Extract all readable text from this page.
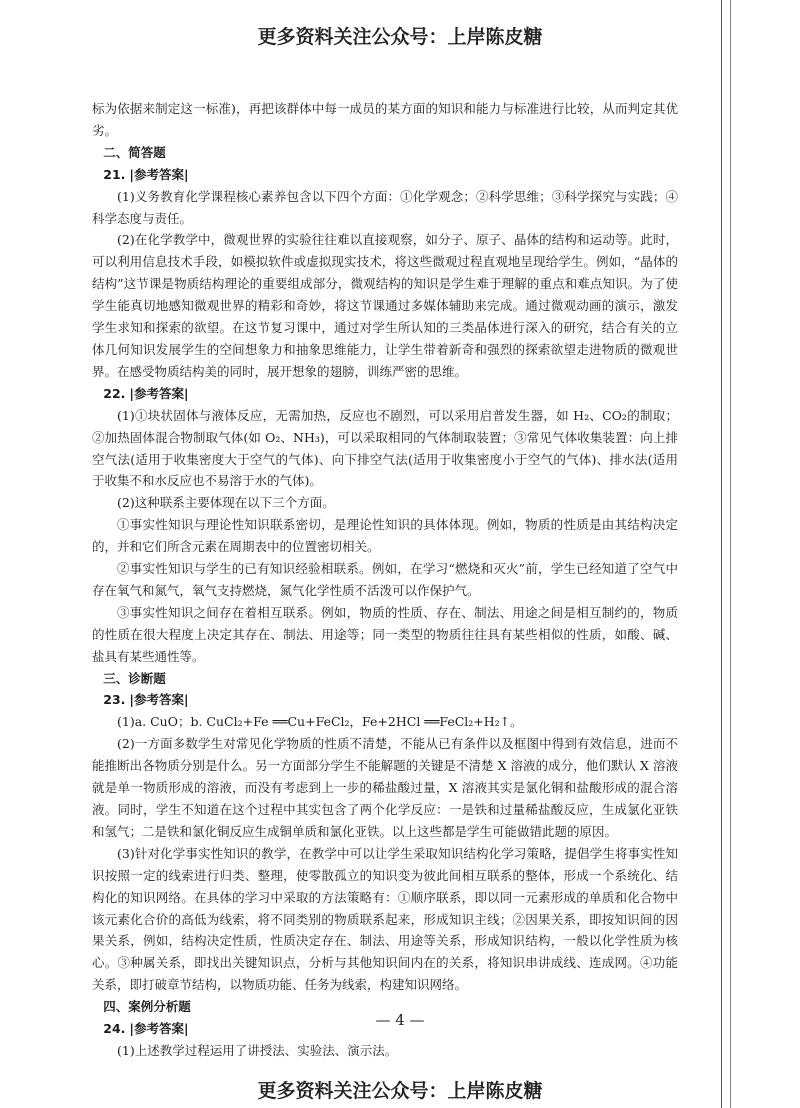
更多资料关注公众号：上岸陈皮糖

标为依据来制定这一标准)，再把该群体中每一成员的某方面的知识和能力与标准进行比较，从而判定其优劣。

二、简答题

21. |参考答案|

(1)义务教育化学课程核心素养包含以下四个方面：①化学观念；②科学思维；③科学探究与实践；④科学态度与责任。

(2)在化学教学中，微观世界的实验往往难以直接观察，如分子、原子、晶体的结构和运动等。此时，可以利用信息技术手段，如模拟软件或虚拟现实技术，将这些微观过程直观地呈现给学生。例如，“晶体的结构”这节课是物质结构理论的重要组成部分，微观结构的知识是学生难于理解的重点和难点知识。为了使学生能真切地感知微观世界的精彩和奇妙，将这节课通过多媒体辅助来完成。通过微观动画的演示，激发学生求知和探索的欲望。在这节复习课中，通过对学生所认知的三类晶体进行深入的研究，结合有关的立体几何知识发展学生的空间想象力和抽象思维能力，让学生带着新奇和强烈的探索欲望走进物质的微观世界。在感受物质结构美的同时，展开想象的翅膀，训练严密的思维。

22. |参考答案|

(1)①块状固体与液体反应，无需加热，反应也不剧烈，可以采用启普发生器，如 H₂、CO₂的制取；②加热固体混合物制取气体(如 O₂、NH₃)，可以采取相同的气体制取装置；③常见气体收集装置：向上排空气法(适用于收集密度大于空气的气体)、向下排空气法(适用于收集密度小于空气的气体)、排水法(适用于收集不和水反应也不易溶于水的气体)。

(2)这种联系主要体现在以下三个方面。

①事实性知识与理论性知识联系密切，是理论性知识的具体体现。例如，物质的性质是由其结构决定的，并和它们所含元素在周期表中的位置密切相关。

②事实性知识与学生的已有知识经验相联系。例如，在学习“燃烧和灭火”前，学生已经知道了空气中存在氧气和氮气，氧气支持燃烧，氮气化学性质不活泼可以作保护气。

③事实性知识之间存在着相互联系。例如，物质的性质、存在、制法、用途之间是相互制约的，物质的性质在很大程度上决定其存在、制法、用途等；同一类型的物质往往具有某些相似的性质，如酸、碱、盐具有某些通性等。

三、诊断题

23. |参考答案|

(1)a. CuO；b. CuCl₂+Fe ══Cu+FeCl₂，Fe+2HCl ══FeCl₂+H₂↑。

(2)一方面多数学生对常见化学物质的性质不清楚，不能从已有条件以及框图中得到有效信息，进而不能推断出各物质分别是什么。另一方面部分学生不能解题的关键是不清楚 X 溶液的成分，他们默认 X 溶液就是单一物质形成的溶液，而没有考虑到上一步的稀盐酸过量，X 溶液其实是氯化铜和盐酸形成的混合溶液。同时，学生不知道在这个过程中其实包含了两个化学反应：一是铁和过量稀盐酸反应，生成氯化亚铁和氢气；二是铁和氯化铜反应生成铜单质和氯化亚铁。以上这些都是学生可能做错此题的原因。

(3)针对化学事实性知识的教学，在教学中可以让学生采取知识结构化学习策略，提倡学生将事实性知识按照一定的线索进行归类、整理，使零散孤立的知识变为彼此间相互联系的整体，形成一个系统化、结构化的知识网络。在具体的学习中采取的方法策略有：①顺序联系，即以同一元素形成的单质和化合物中该元素化合价的高低为线索，将不同类别的物质联系起来，形成知识主线；②因果关系，即按知识间的因果关系，例如，结构决定性质，性质决定存在、制法、用途等关系，形成知识结构，一般以化学性质为核心。③种属关系，即找出关键知识点，分析与其他知识间内在的关系，将知识串讲成线、连成网。④功能关系，即打破章节结构，以物质功能、任务为线索，构建知识网络。

四、案例分析题

24. |参考答案|

(1)上述教学过程运用了讲授法、实验法、演示法。

— 4 —
更多资料关注公众号：上岸陈皮糖
